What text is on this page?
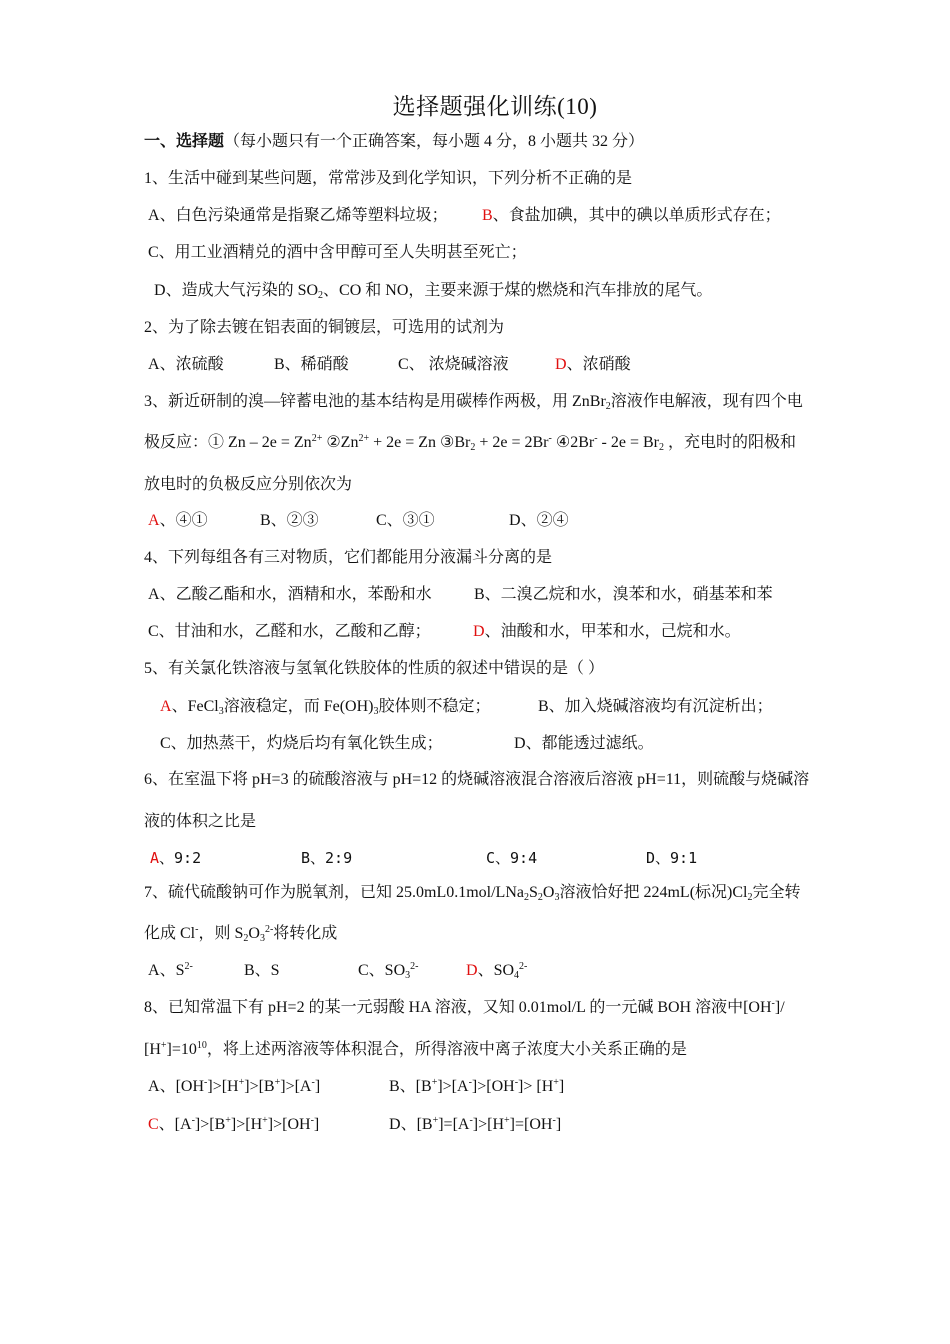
选择题强化训练(10)
一、选择题（每小题只有一个正确答案，每小题 4 分，8 小题共 32 分）
1、生活中碰到某些问题，常常涉及到化学知识，下列分析不正确的是
A、白色污染通常是指聚乙烯等塑料垃圾； B、食盐加碘，其中的碘以单质形式存在；
C、用工业酒精兑的酒中含甲醇可至人失明甚至死亡；
D、造成大气污染的 $SO_2$、CO 和 NO，主要来源于煤的燃烧和汽车排放的尾气。
2、为了除去镀在铝表面的铜镀层，可选用的试剂为
A、浓硫酸	B、稀硝酸	C、 浓烧碱溶液	D、浓硝酸
3、新近研制的溴—锌蓄电池的基本结构是用碳棒作两极，用 ZnBr$_2$溶液作电解液，现有四个电
极反应：① $Zn - 2e = Zn^{2+}$ $②Zn^{2+} + 2e = Zn$ $③Br_2 + 2e = 2Br^-$ ④2Br- - $2e = Br_2$ ，充电时的阳极和
放电时的负极反应分别依次为
A、④①	B、②③	C、③①	D、②④
4、下列每组各有三对物质，它们都能用分液漏斗分离的是
A、乙酸乙酯和水，酒精和水，苯酚和水	B、二溴乙烷和水，溴苯和水，硝基苯和苯
C、甘油和水，乙醛和水，乙酸和乙醇；	D、油酸和水，甲苯和水，己烷和水。
5、有关氯化铁溶液与氢氧化铁胶体的性质的叙述中错误的是（ ）
A、FeCl$_3$溶液稳定，而 $Fe(OH)_3$胶体则不稳定；	B、加入烧碱溶液均有沉淀析出；
C、加热蒸干，灼烧后均有氧化铁生成；	D、都能透过滤纸。
6、在室温下将 pH=3 的硫酸溶液与 pH=12 的烧碱溶液混合溶液后溶液 pH=11，则硫酸与烧碱溶
液的体积之比是
A、9:2	B、2:9	C、9:4	D、9:1
7、硫代硫酸钠可作为脱氧剂，已知 $25.0mL0.1mol/LNa_2S_2O_3$溶液恰好把 224mL(标况)$Cl_2$完全转
化成 Cl-，则 $S_2O_3^{2-}$将转化成
A、$S^{2-}$	B、S	C、$SO_3^{2-}$	D、$SO_4^{2-}$
8、已知常温下有 pH=2 的某一元弱酸 HA 溶液，又知 0.01mol/L 的一元碱 BOH 溶液中[OH-]/
$[H^+]=10^{10}$，将上述两溶液等体积混合，所得溶液中离子浓度大小关系正确的是
A、[OH-]>[H+]>[B+]>[A-]	B、[B+]>[A-]>[OH-]> [H+]
C、[A-]>[B+]>[H+]>[OH-]	D、[B+]=[A-]>[H+]=[OH-]
